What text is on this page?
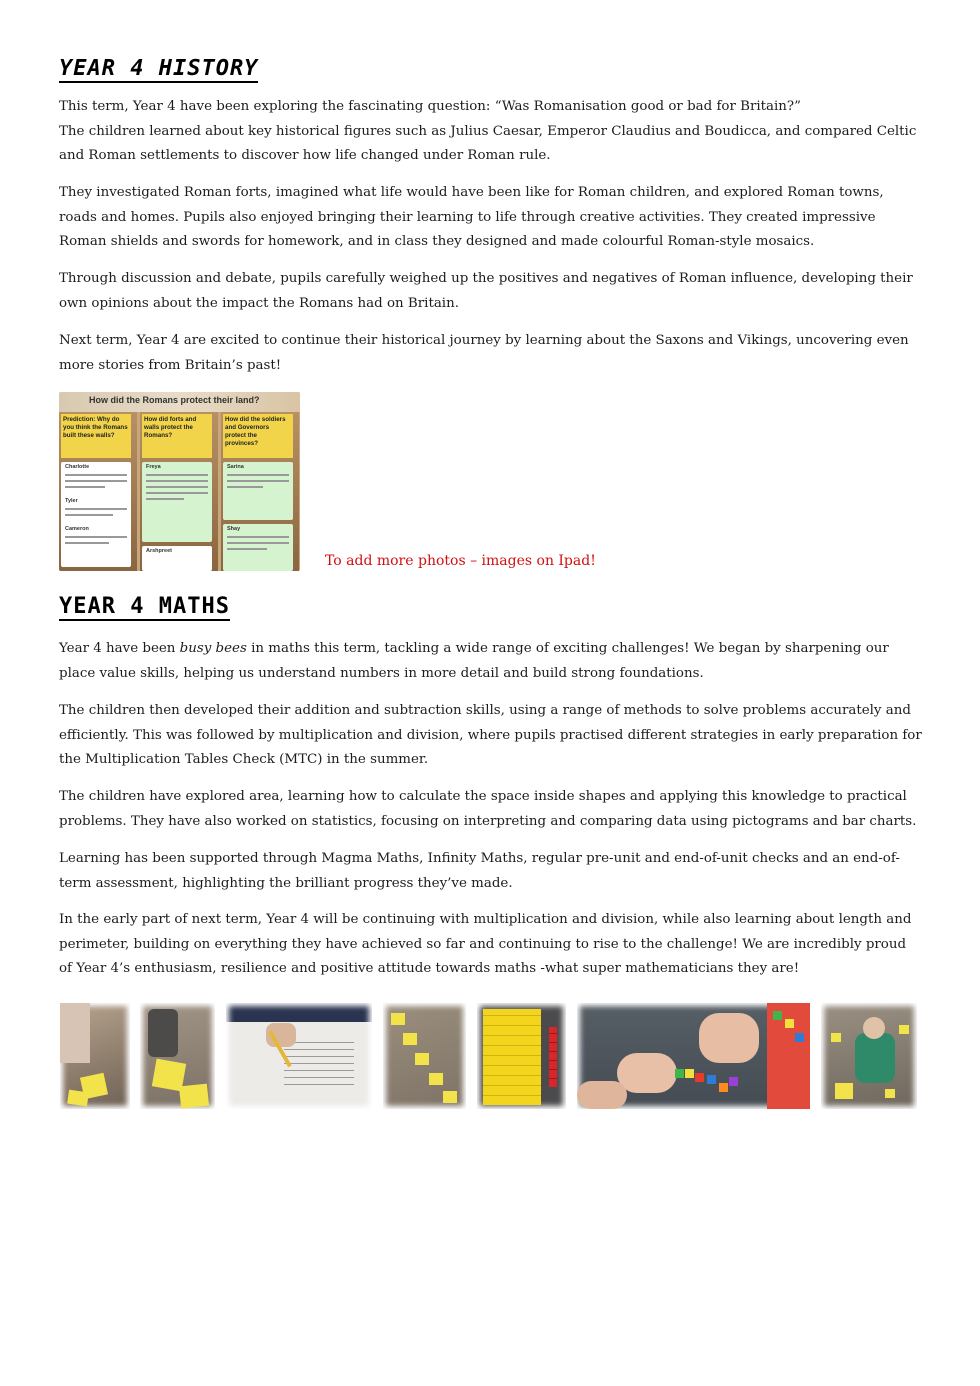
YEAR 4 HISTORY

This term, Year 4 have been exploring the fascinating question: “Was Romanisation good or bad for Britain?”
The children learned about key historical figures such as Julius Caesar, Emperor Claudius and Boudicca, and compared Celtic and Roman settlements to discover how life changed under Roman rule.

They investigated Roman forts, imagined what life would have been like for Roman children, and explored Roman towns, roads and homes. Pupils also enjoyed bringing their learning to life through creative activities. They created impressive Roman shields and swords for homework, and in class they designed and made colourful Roman-style mosaics.

Through discussion and debate, pupils carefully weighed up the positives and negatives of Roman influence, developing their own opinions about the impact the Romans had on Britain.

Next term, Year 4 are excited to continue their historical journey by learning about the Saxons and Vikings, uncovering even more stories from Britain’s past!

How did the Romans protect their land?
Prediction: Why do you think the Romans built these walls?
Charlotte
Tyler
Cameron
How did forts and walls protect the Romans?
Freya
Arshpreet
How did the soldiers and Governors protect the provinces?
Sarina
Shay

To add more photos – images on Ipad!

YEAR 4 MATHS

Year 4 have been busy bees in maths this term, tackling a wide range of exciting challenges! We began by sharpening our place value skills, helping us understand numbers in more detail and build strong foundations.

The children then developed their addition and subtraction skills, using a range of methods to solve problems accurately and efficiently. This was followed by multiplication and division, where pupils practised different strategies in early preparation for the Multiplication Tables Check (MTC) in the summer.

The children have explored area, learning how to calculate the space inside shapes and applying this knowledge to practical problems. They have also worked on statistics, focusing on interpreting and comparing data using pictograms and bar charts.

Learning has been supported through Magma Maths, Infinity Maths, regular pre-unit and end-of-unit checks and an end-of-term assessment, highlighting the brilliant progress they’ve made.

In the early part of next term, Year 4 will be continuing with multiplication and division, while also learning about length and perimeter, building on everything they have achieved so far and continuing to rise to the challenge! We are incredibly proud of Year 4’s enthusiasm, resilience and positive attitude towards maths -what super mathematicians they are!
